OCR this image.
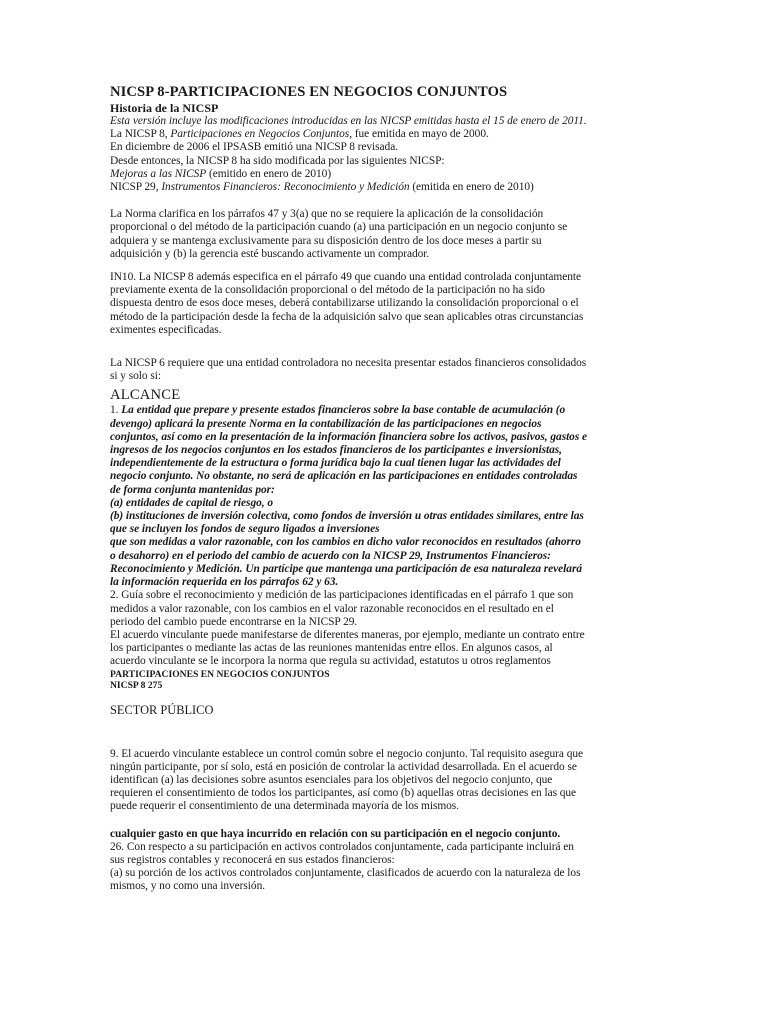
NICSP 8-PARTICIPACIONES EN NEGOCIOS CONJUNTOS
Historia de la NICSP
Esta versión incluye las modificaciones introducidas en las NICSP emitidas hasta el 15 de enero de 2011.
La NICSP 8, Participaciones en Negocios Conjuntos, fue emitida en mayo de 2000.
En diciembre de 2006 el IPSASB emitió una NICSP 8 revisada.
Desde entonces, la NICSP 8 ha sido modificada por las siguientes NICSP:
Mejoras a las NICSP (emitido en enero de 2010)
NICSP 29, Instrumentos Financieros: Reconocimiento y Medición (emitida en enero de 2010)
La Norma clarifica en los párrafos 47 y 3(a) que no se requiere la aplicación de la consolidación
proporcional o del método de la participación cuando (a) una participación en un negocio conjunto se
adquiera y se mantenga exclusivamente para su disposición dentro de los doce meses a partir su
adquisición y (b) la gerencia esté buscando activamente un comprador.
IN10. La NICSP 8 además especifica en el párrafo 49 que cuando una entidad controlada conjuntamente
previamente exenta de la consolidación proporcional o del método de la participación no ha sido
dispuesta dentro de esos doce meses, deberá contabilizarse utilizando la consolidación proporcional o el
método de la participación desde la fecha de la adquisición salvo que sean aplicables otras circunstancias
eximentes especificadas.
La NICSP 6 requiere que una entidad controladora no necesita presentar estados financieros consolidados
si y solo si:
ALCANCE
1. La entidad que prepare y presente estados financieros sobre la base contable de acumulación (o
devengo) aplicará la presente Norma en la contabilización de las participaciones en negocios
conjuntos, así como en la presentación de la información financiera sobre los activos, pasivos, gastos e
ingresos de los negocios conjuntos en los estados financieros de los participantes e inversionistas,
independientemente de la estructura o forma jurídica bajo la cual tienen lugar las actividades del
negocio conjunto. No obstante, no será de aplicación en las participaciones en entidades controladas
de forma conjunta mantenidas por:
(a) entidades de capital de riesgo, o
(b) instituciones de inversión colectiva, como fondos de inversión u otras entidades similares, entre las
que se incluyen los fondos de seguro ligados a inversiones
que son medidas a valor razonable, con los cambios en dicho valor reconocidos en resultados (ahorro
o desahorro) en el periodo del cambio de acuerdo con la NICSP 29, Instrumentos Financieros:
Reconocimiento y Medición. Un partícipe que mantenga una participación de esa naturaleza revelará
la información requerida en los párrafos 62 y 63.
2. Guía sobre el reconocimiento y medición de las participaciones identificadas en el párrafo 1 que son
medidos a valor razonable, con los cambios en el valor razonable reconocidos en el resultado en el
periodo del cambio puede encontrarse en la NICSP 29.
El acuerdo vinculante puede manifestarse de diferentes maneras, por ejemplo, mediante un contrato entre
los participantes o mediante las actas de las reuniones mantenidas entre ellos. En algunos casos, al
acuerdo vinculante se le incorpora la norma que regula su actividad, estatutos u otros reglamentos
PARTICIPACIONES EN NEGOCIOS CONJUNTOS
NICSP 8 275
SECTOR PÚBLICO
9. El acuerdo vinculante establece un control común sobre el negocio conjunto. Tal requisito asegura que
ningún participante, por sí solo, está en posición de controlar la actividad desarrollada. En el acuerdo se
identifican (a) las decisiones sobre asuntos esenciales para los objetivos del negocio conjunto, que
requieren el consentimiento de todos los participantes, así como (b) aquellas otras decisiones en las que
puede requerir el consentimiento de una determinada mayoría de los mismos.
cualquier gasto en que haya incurrido en relación con su participación en el negocio conjunto.
26. Con respecto a su participación en activos controlados conjuntamente, cada participante incluirá en
sus registros contables y reconocerá en sus estados financieros:
(a) su porción de los activos controlados conjuntamente, clasificados de acuerdo con la naturaleza de los
mismos, y no como una inversión.
